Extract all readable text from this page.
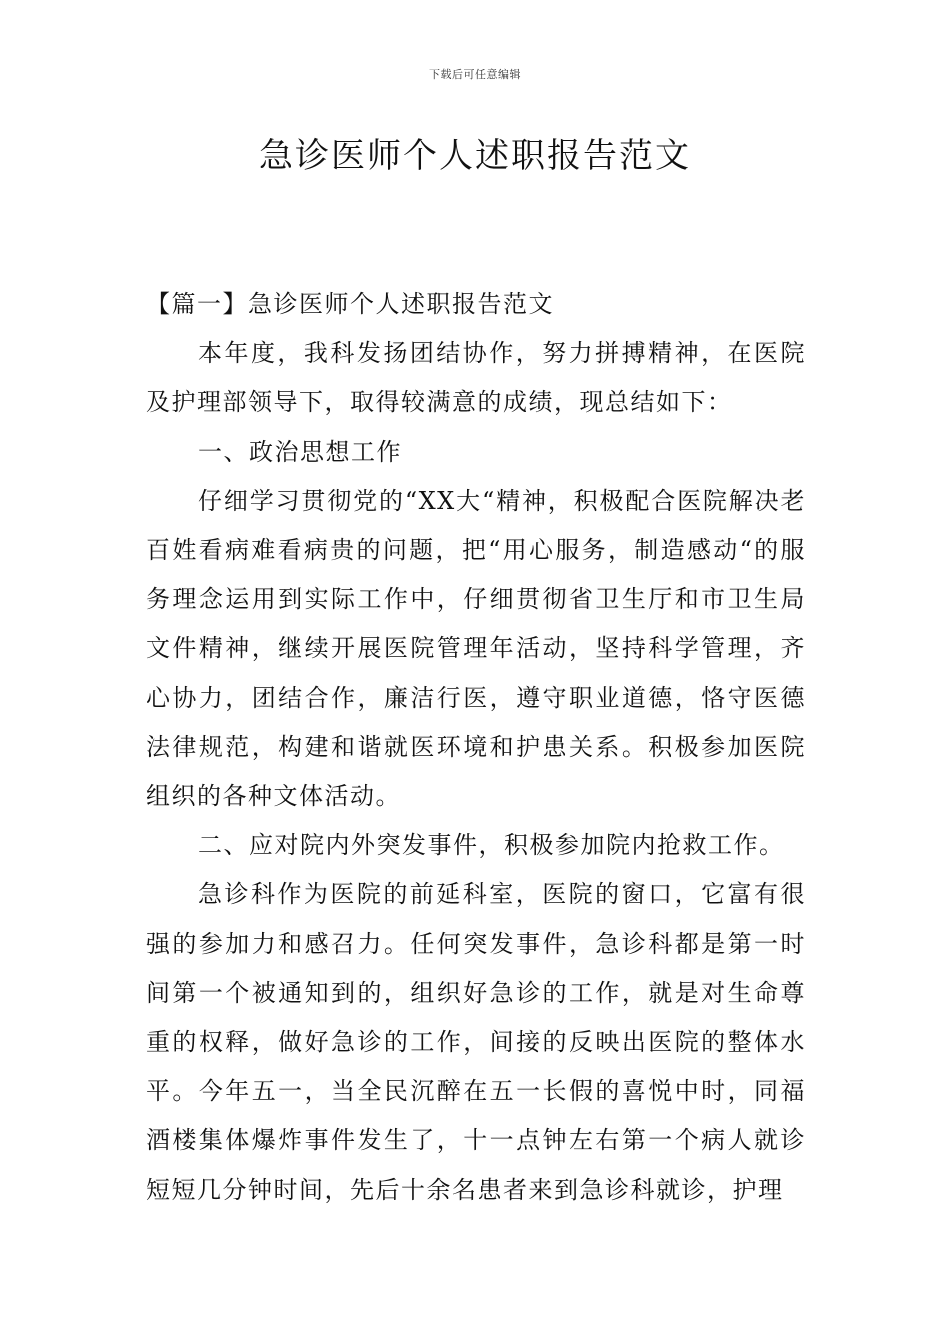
下载后可任意编辑
急诊医师个人述职报告范文

【篇一】急诊医师个人述职报告范文

本年度，我科发扬团结协作，努力拼搏精神，在医院及护理部领导下，取得较满意的成绩，现总结如下：

一、政治思想工作

仔细学习贯彻党的“XX大“精神，积极配合医院解决老百姓看病难看病贵的问题，把“用心服务，制造感动“的服务理念运用到实际工作中，仔细贯彻省卫生厅和市卫生局文件精神，继续开展医院管理年活动，坚持科学管理，齐心协力，团结合作，廉洁行医，遵守职业道德，恪守医德法律规范，构建和谐就医环境和护患关系。积极参加医院组织的各种文体活动。

二、应对院内外突发事件，积极参加院内抢救工作。

急诊科作为医院的前延科室，医院的窗口，它富有很强的参加力和感召力。任何突发事件，急诊科都是第一时间第一个被通知到的，组织好急诊的工作，就是对生命尊重的权释，做好急诊的工作，间接的反映出医院的整体水平。今年五一，当全民沉醉在五一长假的喜悦中时，同福酒楼集体爆炸事件发生了，十一点钟左右第一个病人就诊短短几分钟时间，先后十余名患者来到急诊科就诊，护理
